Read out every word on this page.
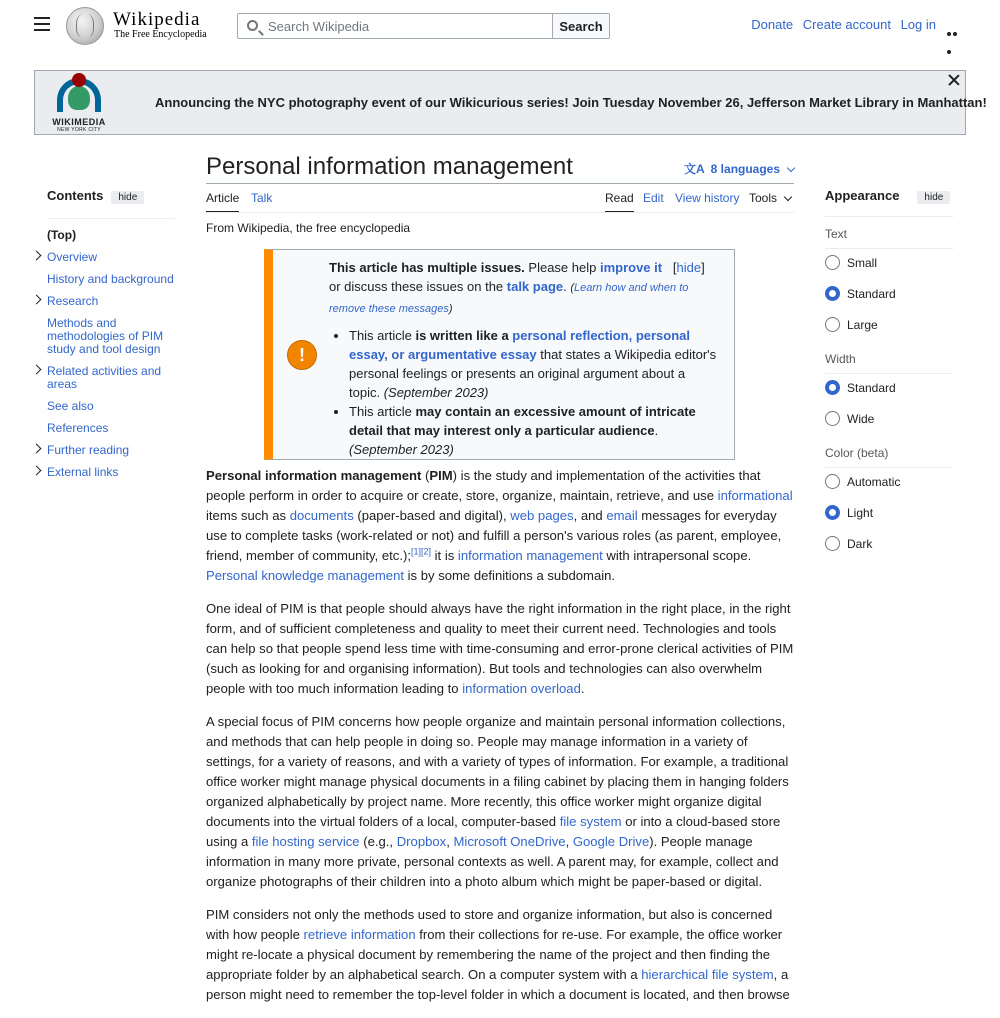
Wikipedia
The Free Encyclopedia
Search Wikipedia
Search	Donate Create account Log in
WIKIMEDIA
NEW YORK CITY
Announcing the NYC photography event of our Wikicurious series! Join Tuesday November 26, Jefferson Market Library in Manhattan!
Contents hide
(Top)
Overview
History and background
Research
Methods and methodologies of PIM study and tool design
Related activities and areas
See also
References
Further reading
External links
Personal information management	文A 8 languages
Article Talk	Read Edit View history Tools
From Wikipedia, the free encyclopedia
!

This article has multiple issues. Please help improve it   [hide]
or discuss these issues on the talk page. (Learn how and when to remove these messages)

• This article is written like a personal reflection, personal essay, or argumentative essay that states a Wikipedia editor's personal feelings or presents an original argument about a topic. (September 2023)
• This article may contain an excessive amount of intricate detail that may interest only a particular audience. (September 2023)

Personal information management (PIM) is the study and implementation of the activities that people perform in order to acquire or create, store, organize, maintain, retrieve, and use informational items such as documents (paper-based and digital), web pages, and email messages for everyday use to complete tasks (work-related or not) and fulfill a person's various roles (as parent, employee, friend, member of community, etc.);[1][2] it is information management with intrapersonal scope. Personal knowledge management is by some definitions a subdomain.

One ideal of PIM is that people should always have the right information in the right place, in the right form, and of sufficient completeness and quality to meet their current need. Technologies and tools can help so that people spend less time with time-consuming and error-prone clerical activities of PIM (such as looking for and organising information). But tools and technologies can also overwhelm people with too much information leading to information overload.

A special focus of PIM concerns how people organize and maintain personal information collections, and methods that can help people in doing so. People may manage information in a variety of settings, for a variety of reasons, and with a variety of types of information. For example, a traditional office worker might manage physical documents in a filing cabinet by placing them in hanging folders organized alphabetically by project name. More recently, this office worker might organize digital documents into the virtual folders of a local, computer-based file system or into a cloud-based store using a file hosting service (e.g., Dropbox, Microsoft OneDrive, Google Drive). People manage information in many more private, personal contexts as well. A parent may, for example, collect and organize photographs of their children into a photo album which might be paper-based or digital.

PIM considers not only the methods used to store and organize information, but also is concerned with how people retrieve information from their collections for re-use. For example, the office worker might re-locate a physical document by remembering the name of the project and then finding the appropriate folder by an alphabetical search. On a computer system with a hierarchical file system, a person might need to remember the top-level folder in which a document is located, and then browse

Appearance	hide
Text
Small
Standard
Large
Width
Standard
Wide
Color (beta)
Automatic
Light
Dark
